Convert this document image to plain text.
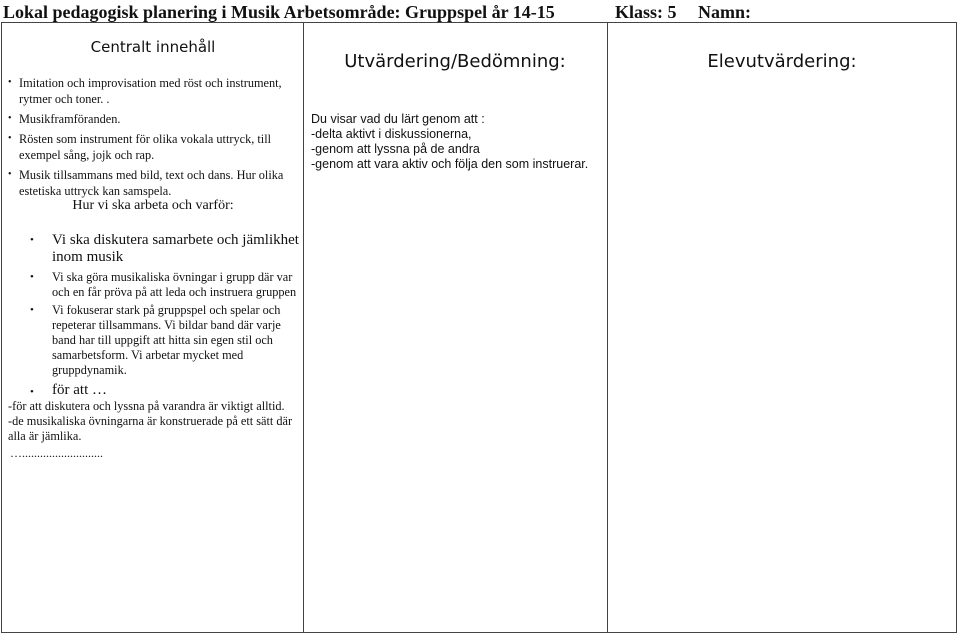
Lokal pedagogisk planering i Musik Arbetsområde: Gruppspel år 14-15	Klass: 5 Namn:
Centralt innehåll
Utvärdering/Bedömning:	Elevutvärdering:
• Imitation och improvisation med röst och instrument, rytmer och toner. .
• Musikframföranden.
• Rösten som instrument för olika vokala uttryck, till exempel sång, jojk och rap.
• Musik tillsammans med bild, text och dans. Hur olika estetiska uttryck kan samspela.
Hur vi ska arbeta och varför:
• Vi ska diskutera samarbete och jämlikhet inom musik
• Vi ska göra musikaliska övningar i grupp där var och en får pröva på att leda och instruera gruppen
• Vi fokuserar stark på gruppspel och spelar och repeterar tillsammans. Vi bildar band där varje band har till uppgift att hitta sin egen stil och samarbetsform. Vi arbetar mycket med gruppdynamik.
• för att …
-för att diskutera och lyssna på varandra är viktigt alltid.
-de musikaliska övningarna är konstruerade på ett sätt där alla är jämlika.
…...........................
Du visar vad du lärt genom att :
-delta aktivt i diskussionerna,
-genom att lyssna på de andra
-genom att vara aktiv och följa den som instruerar.
